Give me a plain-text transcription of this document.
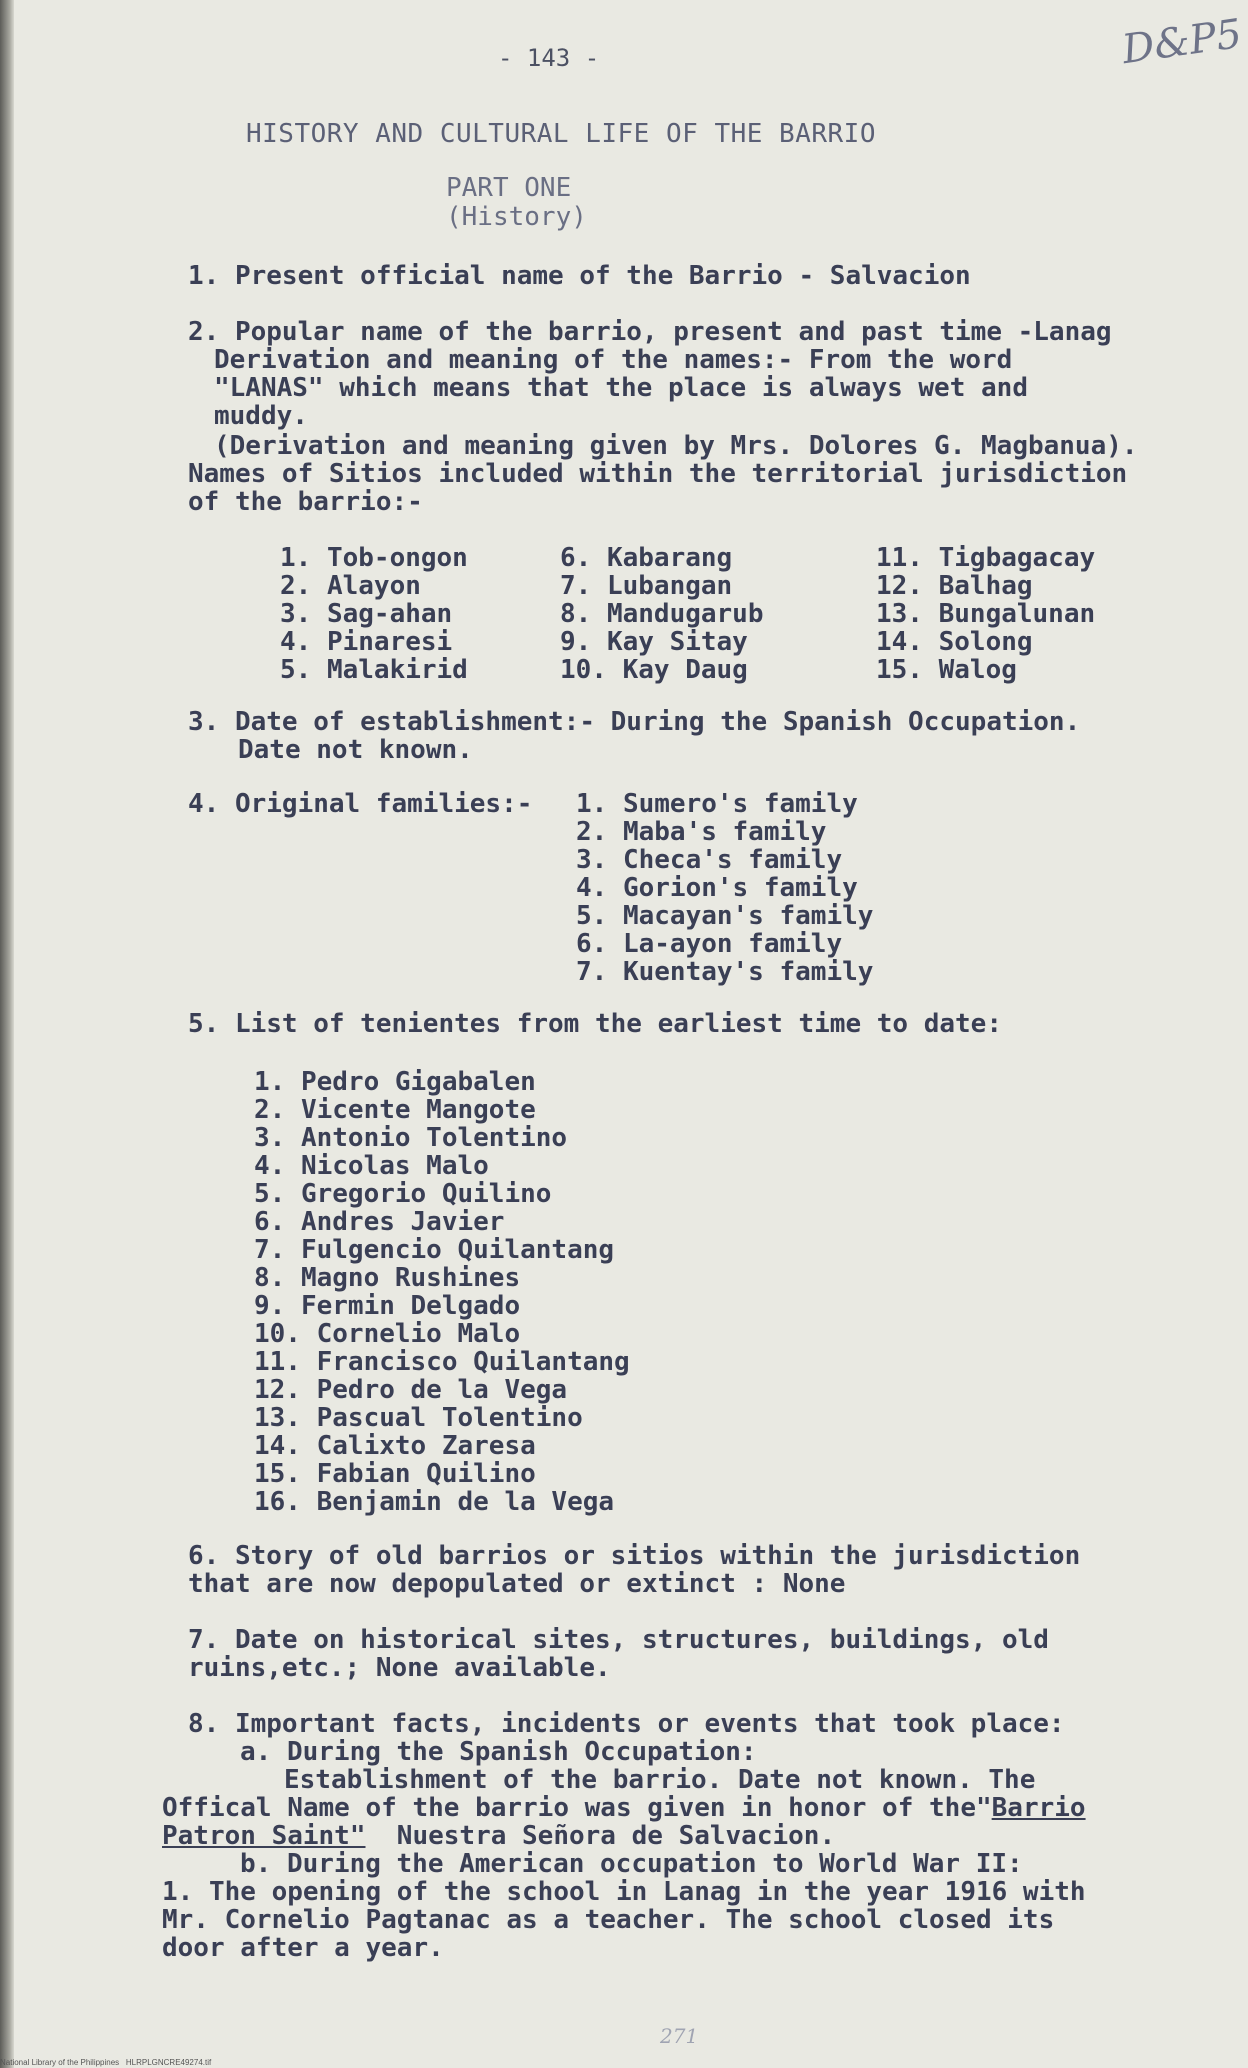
- 143 -	D&P5
HISTORY AND CULTURAL LIFE OF THE BARRIO
PART ONE
(History)
1. Present official name of the Barrio - Salvacion
2. Popular name of the barrio, present and past time -Lanag
Derivation and meaning of the names:- From the word
"LANAS" which means that the place is always wet and
muddy.
(Derivation and meaning given by Mrs. Dolores G. Magbanua).
Names of Sitios included within the territorial jurisdiction
of the barrio:-
1. Tob-ongon
2. Alayon
3. Sag-ahan
4. Pinaresi
5. Malakirid
6. Kabarang
7. Lubangan
8. Mandugarub
9. Kay Sitay
10. Kay Daug
11. Tigbagacay
12. Balhag
13. Bungalunan
14. Solong
15. Walog
3. Date of establishment:- During the Spanish Occupation.
Date not known.
4. Original families:- 1. Sumero's family
2. Maba's family
3. Checa's family
4. Gorion's family
5. Macayan's family
6. La-ayon family
7. Kuentay's family
5. List of tenientes from the earliest time to date:
1. Pedro Gigabalen
2. Vicente Mangote
3. Antonio Tolentino
4. Nicolas Malo
5. Gregorio Quilino
6. Andres Javier
7. Fulgencio Quilantang
8. Magno Rushines
9. Fermin Delgado
10. Cornelio Malo
11. Francisco Quilantang
12. Pedro de la Vega
13. Pascual Tolentino
14. Calixto Zaresa
15. Fabian Quilino
16. Benjamin de la Vega
6. Story of old barrios or sitios within the jurisdiction
that are now depopulated or extinct : None
7. Date on historical sites, structures, buildings, old
ruins,etc.; None available.
8. Important facts, incidents or events that took place:
a. During the Spanish Occupation:
Establishment of the barrio. Date not known. The
Offical Name of the barrio was given in honor of the"Barrio
Patron Saint"  Nuestra Señora de Salvacion.
b. During the American occupation to World War II:
1. The opening of the school in Lanag in the year 1916 with
Mr. Cornelio Pagtanac as a teacher. The school closed its
door after a year.
271
National Library of the Philippines   HLRPLGNCRE49274.tif
